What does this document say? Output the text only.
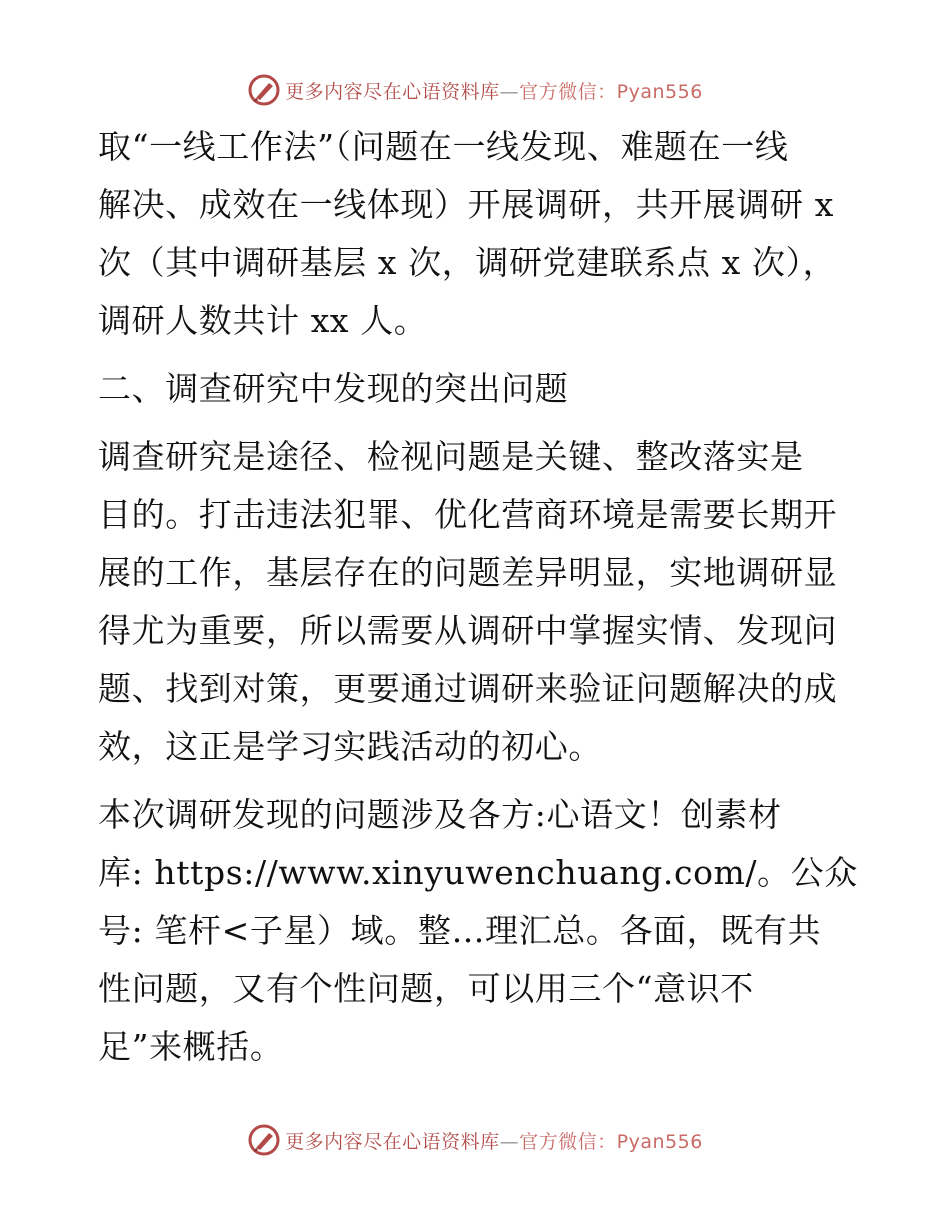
更多内容尽在心语资料库—官方微信：Pyan556
取“一线工作法”（问题在一线发现、难题在一线
解决、成效在一线体现）开展调研，共开展调研 x
次（其中调研基层 x 次，调研党建联系点 x 次），
调研人数共计 xx 人。
二、调查研究中发现的突出问题
调查研究是途径、检视问题是关键、整改落实是
目的。打击违法犯罪、优化营商环境是需要长期开
展的工作，基层存在的问题差异明显，实地调研显
得尤为重要，所以需要从调研中掌握实情、发现问
题、找到对策，更要通过调研来验证问题解决的成
效，这正是学习实践活动的初心。
本次调研发现的问题涉及各方:心语文！创素材
库: https://www.xinyuwenchuang.com/。公众
号: 笔杆<子星）域。整…理汇总。各面，既有共
性问题，又有个性问题，可以用三个“意识不
足”来概括。
更多内容尽在心语资料库—官方微信：Pyan556
